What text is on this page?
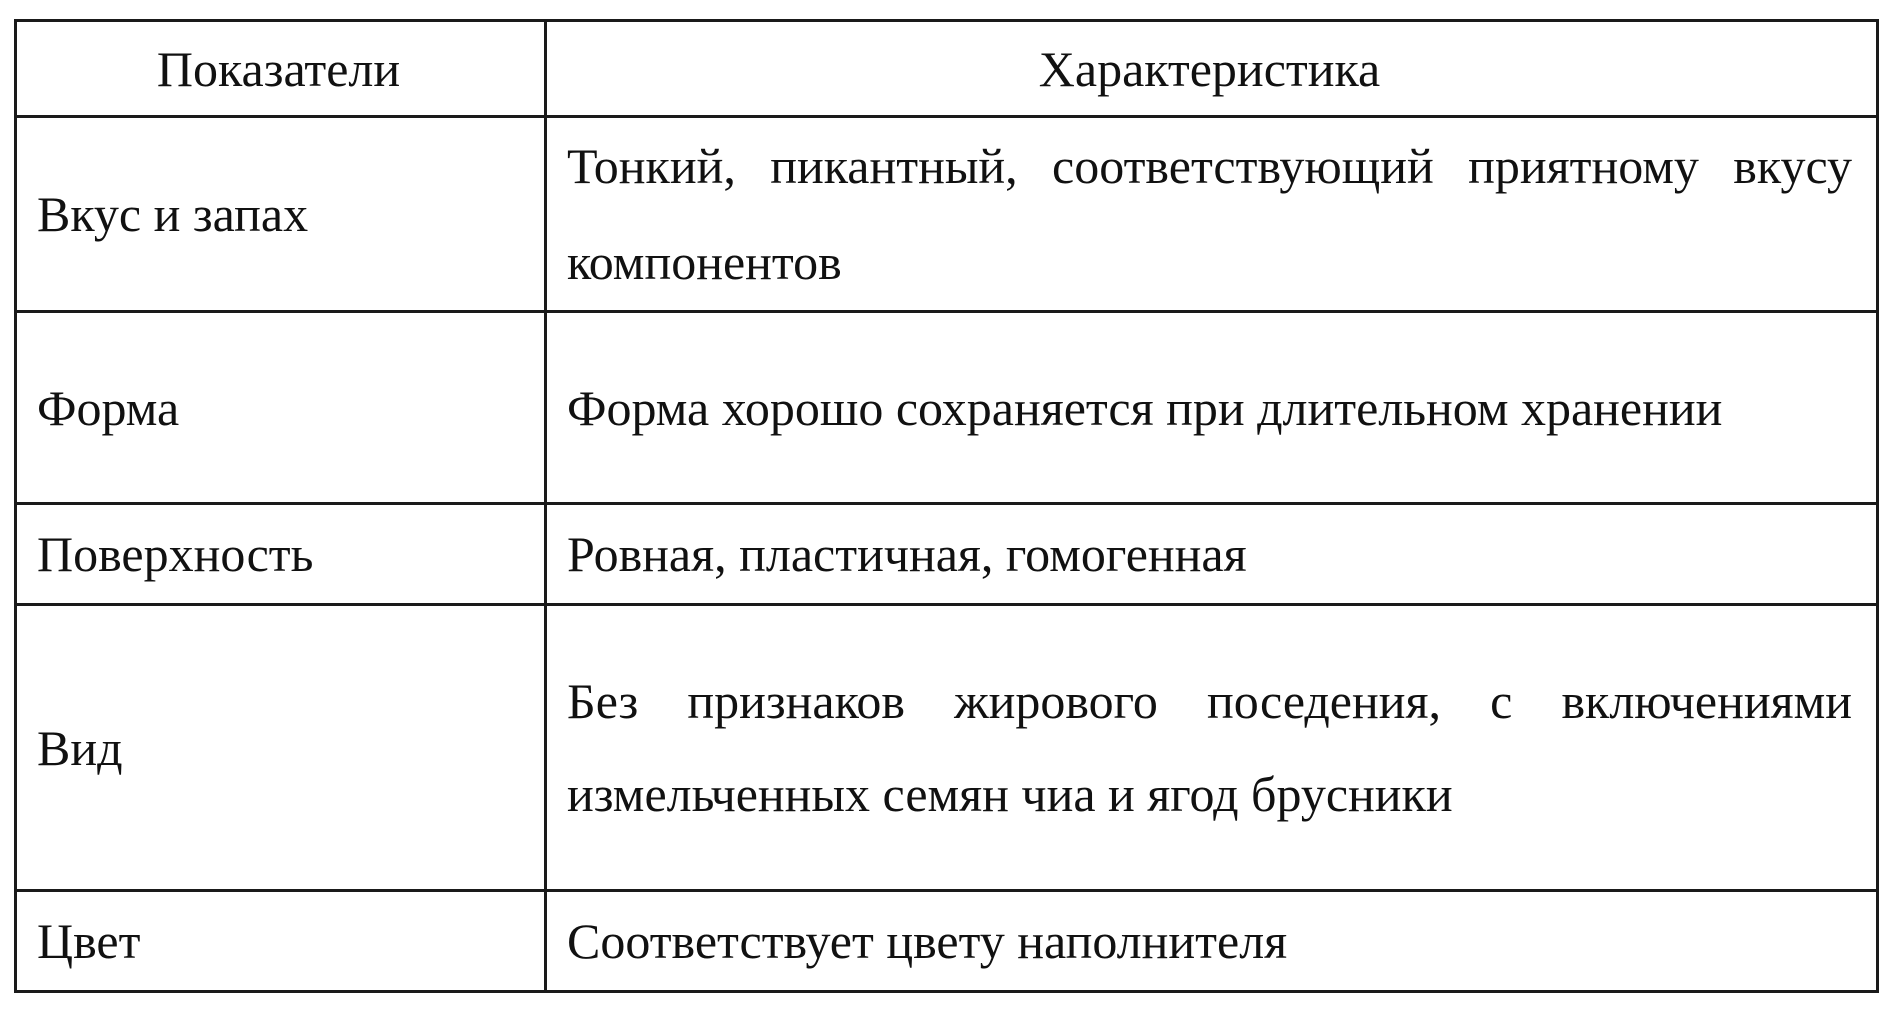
Показатели	Характеристика
Вкус и запах	Тонкий, пикантный, соответствующий приятному вкусу компонентов
Форма	Форма хорошо сохраняется при длительном хранении
Поверхность	Ровная, пластичная, гомогенная
Вид	Без признаков жирового поседения, с включениями измельченных семян чиа и ягод брусники
Цвет	Соответствует цвету наполнителя
